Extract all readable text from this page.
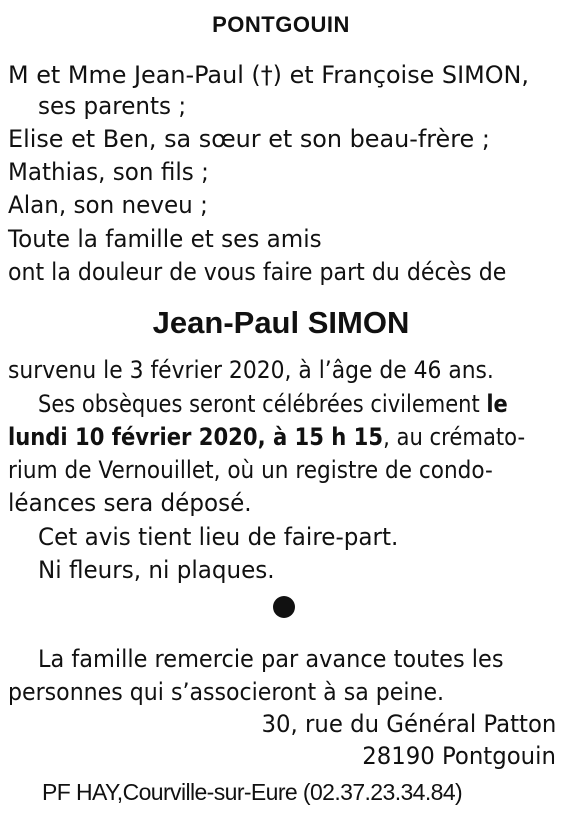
PONTGOUIN
M et Mme Jean-Paul (†) et Françoise SIMON,
ses parents ;
Elise et Ben, sa sœur et son beau-frère ;
Mathias, son fils ;
Alan, son neveu ;
Toute la famille et ses amis
ont la douleur de vous faire part du décès de
Jean-Paul SIMON
survenu le 3 février 2020, à l’âge de 46 ans.
Ses obsèques seront célébrées civilement le
lundi 10 février 2020, à 15 h 15, au crémato-
rium de Vernouillet, où un registre de condo-
léances sera déposé.
Cet avis tient lieu de faire-part.
Ni fleurs, ni plaques.
La famille remercie par avance toutes les
personnes qui s’associeront à sa peine.
30, rue du Général Patton
28190 Pontgouin
PF HAY,Courville-sur-Eure (02.37.23.34.84)
